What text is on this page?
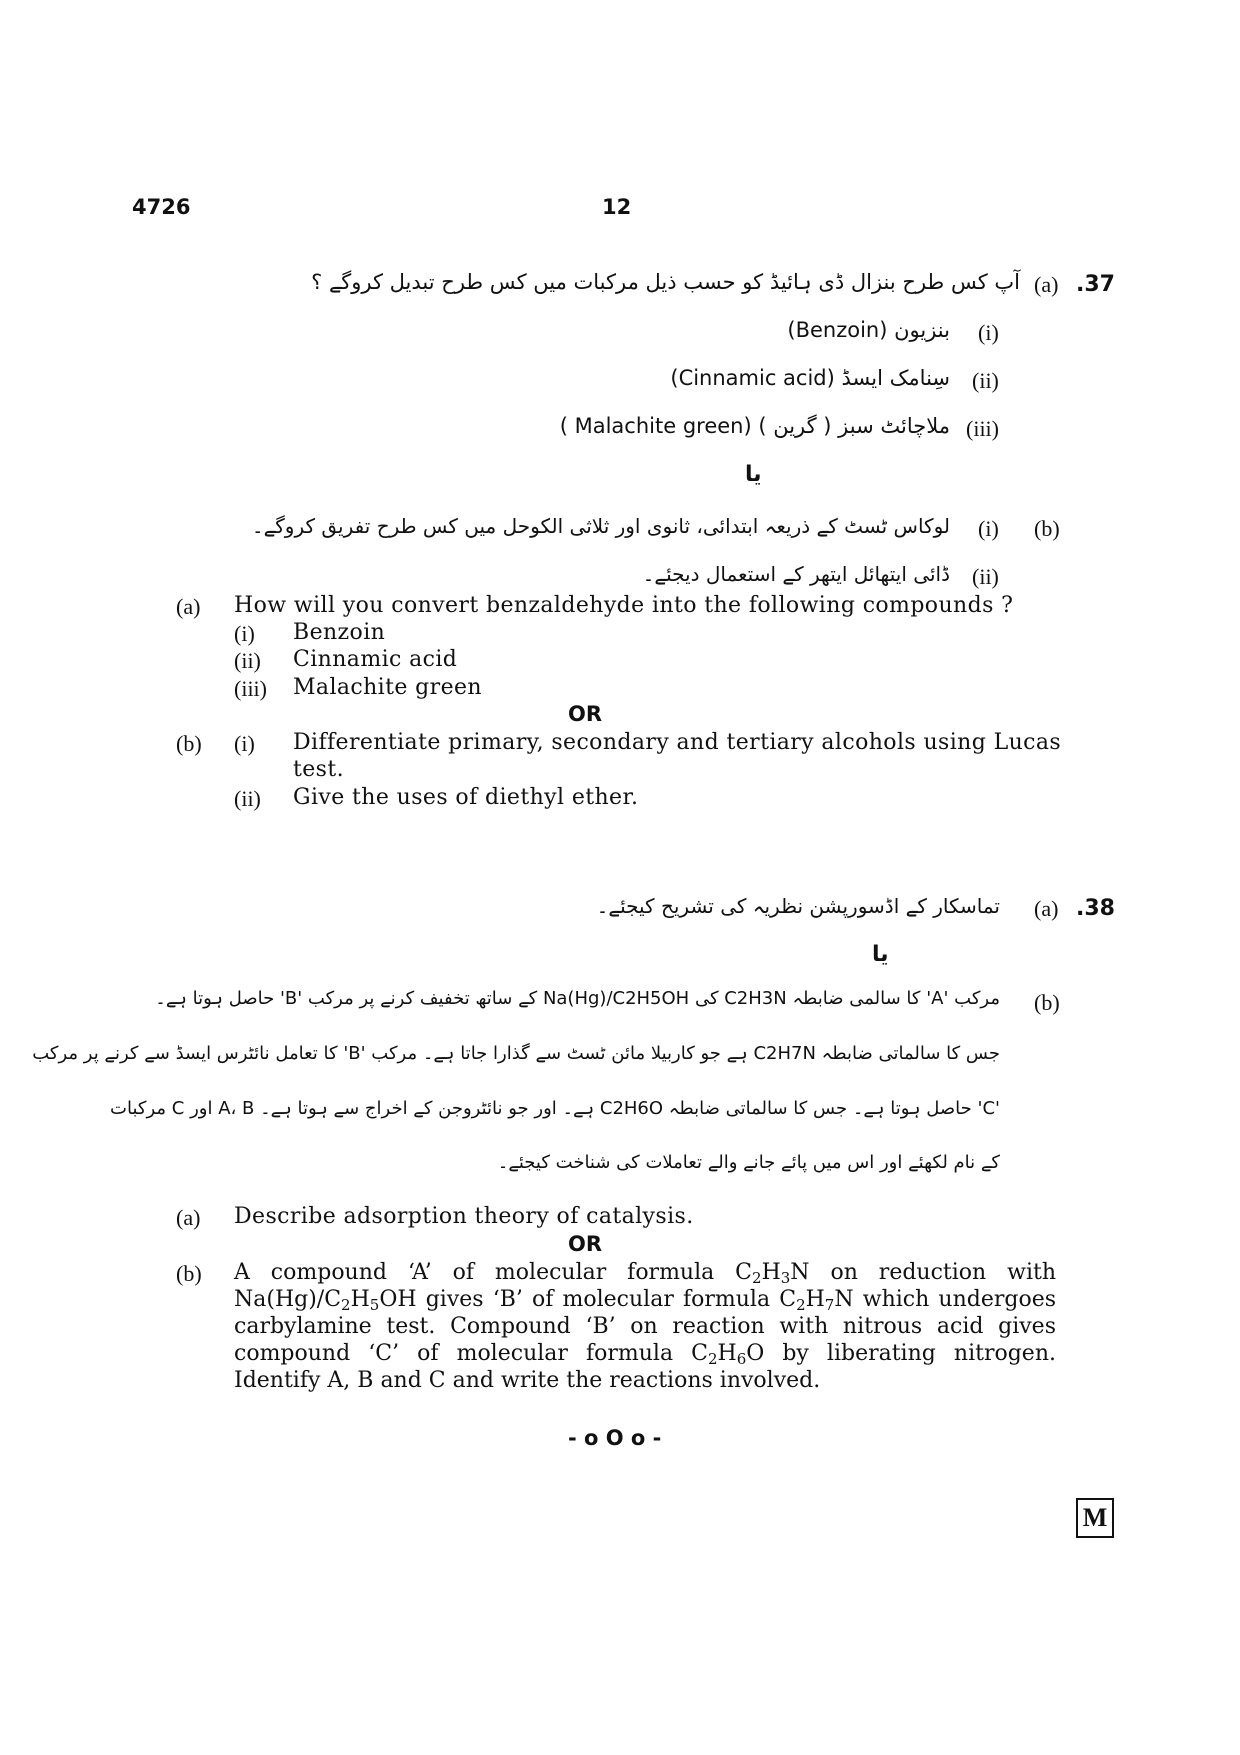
4726	12
.37
(a)
آپ کس طرح بنزال ڈی ہائیڈ کو حسب ذیل مرکبات میں کس طرح تبدیل کروگے ؟
(i)
بنزیون (Benzoin)
(ii)
سِنامک ایسڈ (Cinnamic acid)
(iii)
ملاچائٹ سبز ( گرین ) (Malachite green )
یا
(b)
(i)
لوکاس ٹسٹ کے ذریعہ ابتدائی، ثانوی اور ثلاثی الکوحل میں کس طرح تفریق کروگے۔
(ii)
ڈائی ایتھائل ایتھر کے استعمال دیجئے۔
(a) How will you convert benzaldehyde into the following compounds ?
(i) Benzoin
(ii) Cinnamic acid
(iii) Malachite green
OR
(b) (i) Differentiate primary, secondary and tertiary alcohols using Lucas
test.
(ii) Give the uses of diethyl ether.
.38
(a)
تماسکار کے اڈسورپشن نظریہ کی تشریح کیجئے۔
یا
(b)
مرکب 'A' کا سالمی ضابطہ C2H3N کی Na(Hg)/C2H5OH کے ساتھ تخفیف کرنے پر مرکب 'B' حاصل ہوتا ہے۔
جس کا سالماتی ضابطہ C2H7N ہے جو کاربیلا مائن ٹسٹ سے گذارا جاتا ہے۔ مرکب 'B' کا تعامل نائٹرس ایسڈ سے کرنے پر مرکب
'C' حاصل ہوتا ہے۔ جس کا سالماتی ضابطہ C2H6O ہے۔ اور جو نائٹروجن کے اخراج سے ہوتا ہے۔ A، B اور C مرکبات
کے نام لکھئے اور اس میں پائے جانے والے تعاملات کی شناخت کیجئے۔
(a) Describe adsorption theory of catalysis.
OR
(b) A compound ‘A’ of molecular formula $C_2H_3N$ on reduction with $Na(Hg)/C_2H_5OH$ gives ‘B’ of molecular formula $C_2H_7N$ which undergoes carbylamine test. Compound ‘B’ on reaction with nitrous acid gives compound ‘C’ of molecular formula $C_2H_6O$ by liberating nitrogen. Identify A, B and C and write the reactions involved.
- o O o -
M
